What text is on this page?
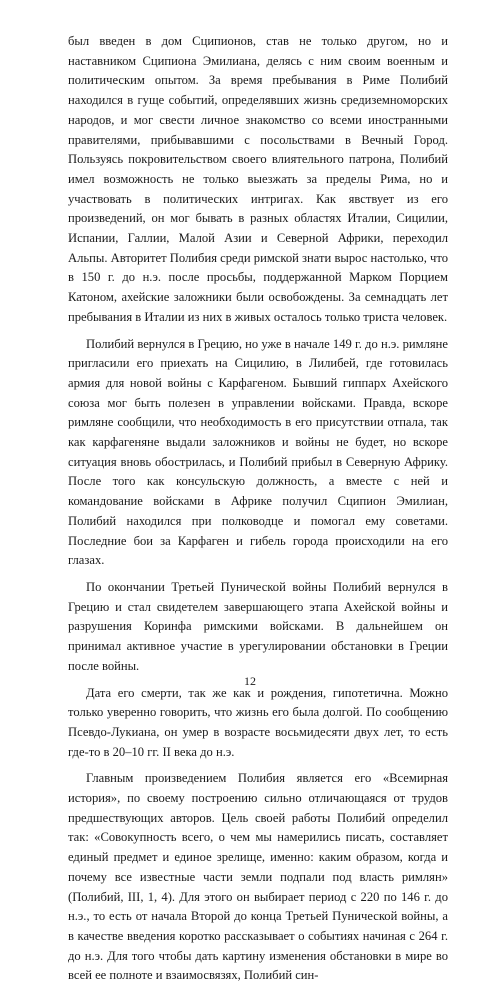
был введен в дом Сципионов, став не только другом, но и наставником Сципиона Эмилиана, делясь с ним своим военным и политическим опытом. За время пребывания в Риме Полибий находился в гуще событий, определявших жизнь средиземноморских народов, и мог свести личное знакомство со всеми иностранными правителями, прибывавшими с посольствами в Вечный Город. Пользуясь покровительством своего влиятельного патрона, Полибий имел возможность не только выезжать за пределы Рима, но и участвовать в политических интригах. Как явствует из его произведений, он мог бывать в разных областях Италии, Сицилии, Испании, Галлии, Малой Азии и Северной Африки, переходил Альпы. Авторитет Полибия среди римской знати вырос настолько, что в 150 г. до н.э. после просьбы, поддержанной Марком Порцием Катоном, ахейские заложники были освобождены. За семнадцать лет пребывания в Италии из них в живых осталось только триста человек.

Полибий вернулся в Грецию, но уже в начале 149 г. до н.э. римляне пригласили его приехать на Сицилию, в Лилибей, где готовилась армия для новой войны с Карфагеном. Бывший гиппарх Ахейского союза мог быть полезен в управлении войсками. Правда, вскоре римляне сообщили, что необходимость в его присутствии отпала, так как карфагеняне выдали заложников и войны не будет, но вскоре ситуация вновь обострилась, и Полибий прибыл в Северную Африку. После того как консульскую должность, а вместе с ней и командование войсками в Африке получил Сципион Эмилиан, Полибий находился при полководце и помогал ему советами. Последние бои за Карфаген и гибель города происходили на его глазах.

По окончании Третьей Пунической войны Полибий вернулся в Грецию и стал свидетелем завершающего этапа Ахейской войны и разрушения Коринфа римскими войсками. В дальнейшем он принимал активное участие в урегулировании обстановки в Греции после войны.

Дата его смерти, так же как и рождения, гипотетична. Можно только уверенно говорить, что жизнь его была долгой. По сообщению Псевдо-Лукиана, он умер в возрасте восьмидесяти двух лет, то есть где-то в 20–10 гг. II века до н.э.

Главным произведением Полибия является его «Всемирная история», по своему построению сильно отличающаяся от трудов предшествующих авторов. Цель своей работы Полибий определил так: «Совокупность всего, о чем мы намерились писать, составляет единый предмет и единое зрелище, именно: каким образом, когда и почему все известные части земли подпали под власть римлян» (Полибий, III, 1, 4). Для этого он выбирает период с 220 по 146 г. до н.э., то есть от начала Второй до конца Третьей Пунической войны, а в качестве введения коротко рассказывает о событиях начиная с 264 г. до н.э. Для того чтобы дать картину изменения обстановки в мире во всей ее полноте и взаимосвязях, Полибий син-

12
